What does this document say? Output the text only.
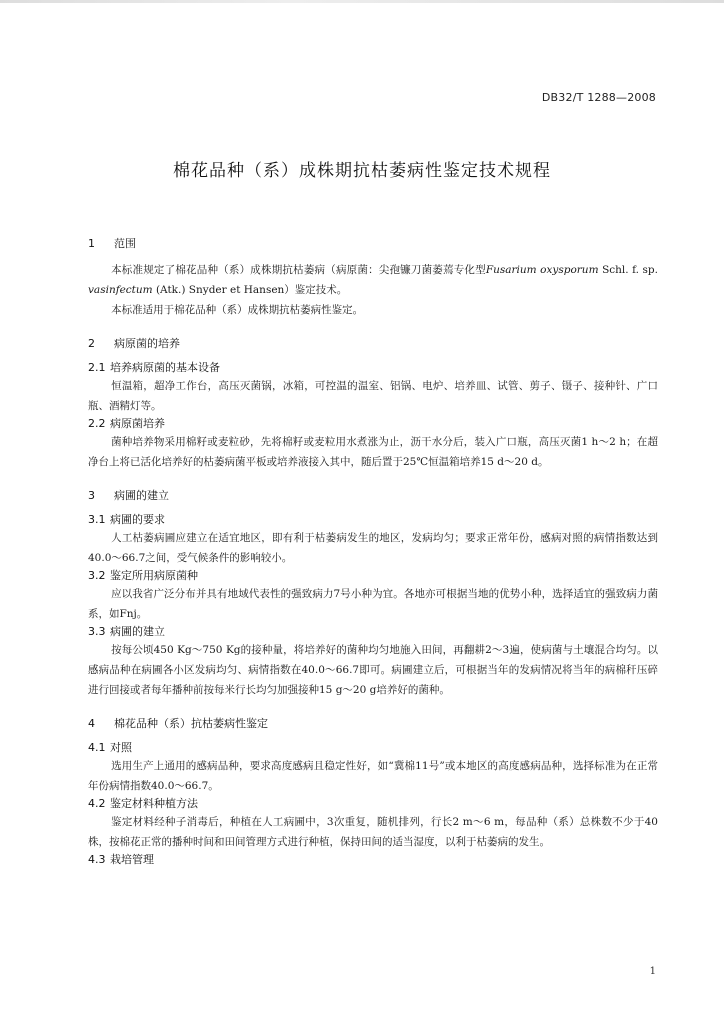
DB32/T 1288—2008
棉花品种（系）成株期抗枯萎病性鉴定技术规程
1 范围

本标准规定了棉花品种（系）成株期抗枯萎病（病原菌：尖孢镰刀菌萎蔫专化型Fusarium oxysporum Schl. f. sp. vasinfectum (Atk.) Snyder et Hansen）鉴定技术。

本标准适用于棉花品种（系）成株期抗枯萎病性鉴定。

2 病原菌的培养
2.1 培养病原菌的基本设备

恒温箱，超净工作台，高压灭菌锅，冰箱，可控温的温室、铝锅、电炉、培养皿、试管、剪子、镊子、接种针、广口瓶、酒精灯等。

2.2 病原菌培养

菌种培养物采用棉籽或麦粒砂，先将棉籽或麦粒用水煮涨为止，沥干水分后，装入广口瓶，高压灭菌1 h～2 h；在超净台上将已活化培养好的枯萎病菌平板或培养液接入其中，随后置于25℃恒温箱培养15 d～20 d。

3 病圃的建立
3.1 病圃的要求

人工枯萎病圃应建立在适宜地区，即有利于枯萎病发生的地区，发病均匀；要求正常年份，感病对照的病情指数达到40.0～66.7之间，受气候条件的影响较小。

3.2 鉴定所用病原菌种

应以我省广泛分布并具有地域代表性的强致病力7号小种为宜。各地亦可根据当地的优势小种，选择适宜的强致病力菌系，如Fnj。

3.3 病圃的建立

按每公顷450 Kg～750 Kg的接种量，将培养好的菌种均匀地施入田间，再翻耕2～3遍，使病菌与土壤混合均匀。以感病品种在病圃各小区发病均匀、病情指数在40.0～66.7即可。病圃建立后，可根据当年的发病情况将当年的病棉秆压碎进行回接或者每年播种前按每米行长均匀加强接种15 g～20 g培养好的菌种。

4 棉花品种（系）抗枯萎病性鉴定
4.1 对照

选用生产上通用的感病品种，要求高度感病且稳定性好，如“冀棉11号”或本地区的高度感病品种，选择标准为在正常年份病情指数40.0～66.7。

4.2 鉴定材料种植方法

鉴定材料经种子消毒后，种植在人工病圃中，3次重复，随机排列，行长2 m～6 m，每品种（系）总株数不少于40株，按棉花正常的播种时间和田间管理方式进行种植，保持田间的适当湿度，以利于枯萎病的发生。

4.3 栽培管理
1
